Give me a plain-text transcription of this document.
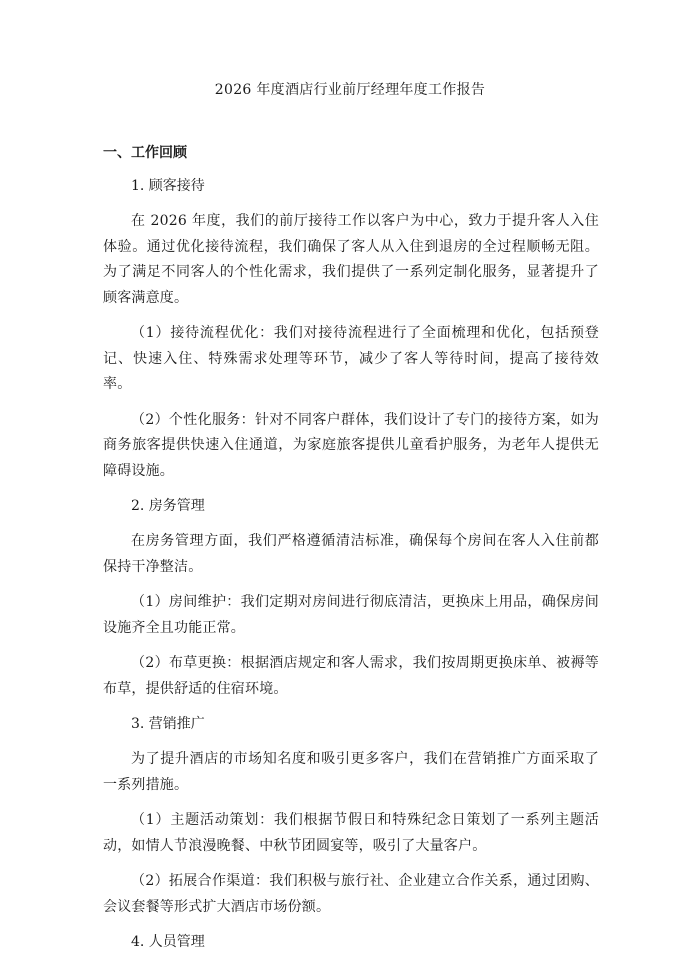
2026 年度酒店行业前厅经理年度工作报告
一、工作回顾
1. 顾客接待

在 2026 年度，我们的前厅接待工作以客户为中心，致力于提升客人入住体验。通过优化接待流程，我们确保了客人从入住到退房的全过程顺畅无阻。为了满足不同客人的个性化需求，我们提供了一系列定制化服务，显著提升了顾客满意度。

（1）接待流程优化：我们对接待流程进行了全面梳理和优化，包括预登记、快速入住、特殊需求处理等环节，减少了客人等待时间，提高了接待效率。

（2）个性化服务：针对不同客户群体，我们设计了专门的接待方案，如为商务旅客提供快速入住通道，为家庭旅客提供儿童看护服务，为老年人提供无障碍设施。

2. 房务管理

在房务管理方面，我们严格遵循清洁标准，确保每个房间在客人入住前都保持干净整洁。

（1）房间维护：我们定期对房间进行彻底清洁，更换床上用品，确保房间设施齐全且功能正常。

（2）布草更换：根据酒店规定和客人需求，我们按周期更换床单、被褥等布草，提供舒适的住宿环境。

3. 营销推广

为了提升酒店的市场知名度和吸引更多客户，我们在营销推广方面采取了一系列措施。

（1）主题活动策划：我们根据节假日和特殊纪念日策划了一系列主题活动，如情人节浪漫晚餐、中秋节团圆宴等，吸引了大量客户。

（2）拓展合作渠道：我们积极与旅行社、企业建立合作关系，通过团购、会议套餐等形式扩大酒店市场份额。

4. 人员管理
